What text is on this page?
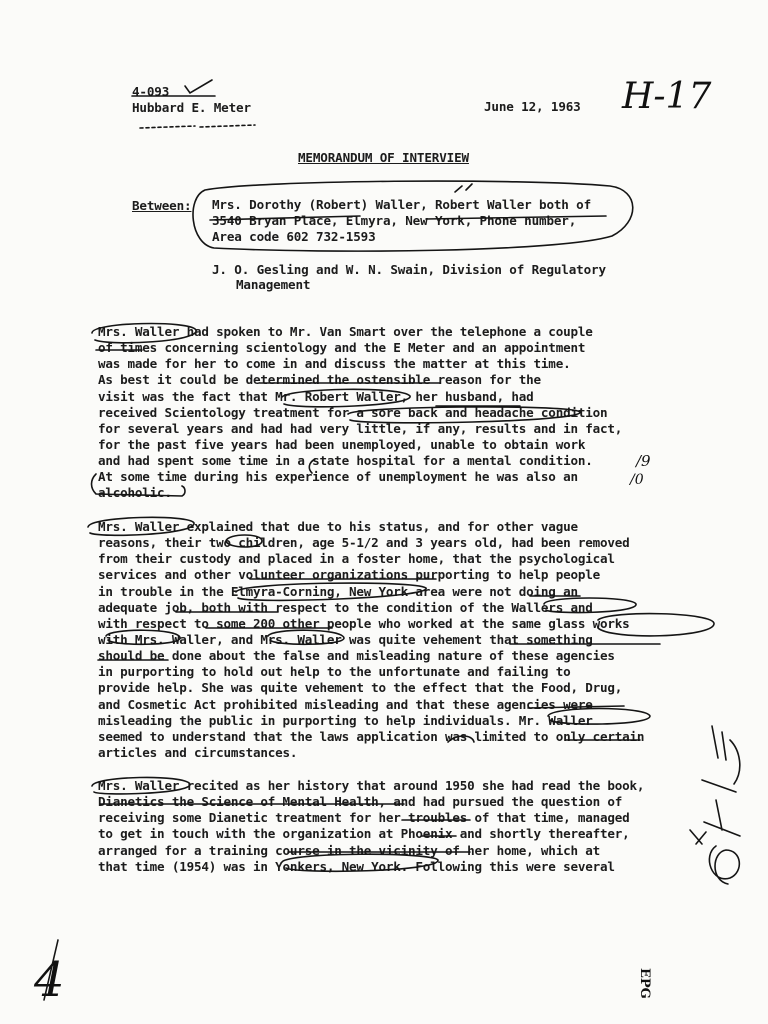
4-093
Hubbard E. Meter	June 12, 1963 H-17
MEMORANDUM OF INTERVIEW
Between: Mrs. Dorothy (Robert) Waller, Robert Waller both of
3540 Bryan Place, Elmyra, New York, Phone number,
Area code 602 732-1593
J. O. Gesling and W. N. Swain, Division of Regulatory
Management
Mrs. Waller had spoken to Mr. Van Smart over the telephone a couple
of times concerning scientology and the E Meter and an appointment
was made for her to come in and discuss the matter at this time.
As best it could be determined the ostensible reason for the
visit was the fact that Mr. Robert Waller, her husband, had
received Scientology treatment for a sore back and headache condition
for several years and had had very little, if any, results and in fact,
for the past five years had been unemployed, unable to obtain work
and had spent some time in a state hospital for a mental condition.
At some time during his experience of unemployment he was also an
alcoholic.
Mrs. Waller explained that due to his status, and for other vague
reasons, their two children, age 5-1/2 and 3 years old, had been removed
from their custody and placed in a foster home, that the psychological
services and other volunteer organizations purporting to help people
in trouble in the Elmyra-Corning, New York area were not doing an
adequate job, both with respect to the condition of the Wallers and
with respect to some 200 other people who worked at the same glass works
with Mrs. Waller, and Mrs. Waller was quite vehement that something
should be done about the false and misleading nature of these agencies
in purporting to hold out help to the unfortunate and failing to
provide help. She was quite vehement to the effect that the Food, Drug,
and Cosmetic Act prohibited misleading and that these agencies were
misleading the public in purporting to help individuals. Mr. Waller
seemed to understand that the laws application was limited to only certain
articles and circumstances.
Mrs. Waller recited as her history that around 1950 she had read the book,
Dianetics the Science of Mental Health, and had pursued the question of
receiving some Dianetic treatment for her troubles of that time, managed
to get in touch with the organization at Phoenix and shortly thereafter,
arranged for a training course in the vicinity of her home, which at
that time (1954) was in Yonkers, New York. Following this were several
/9
/0
EPG
4
